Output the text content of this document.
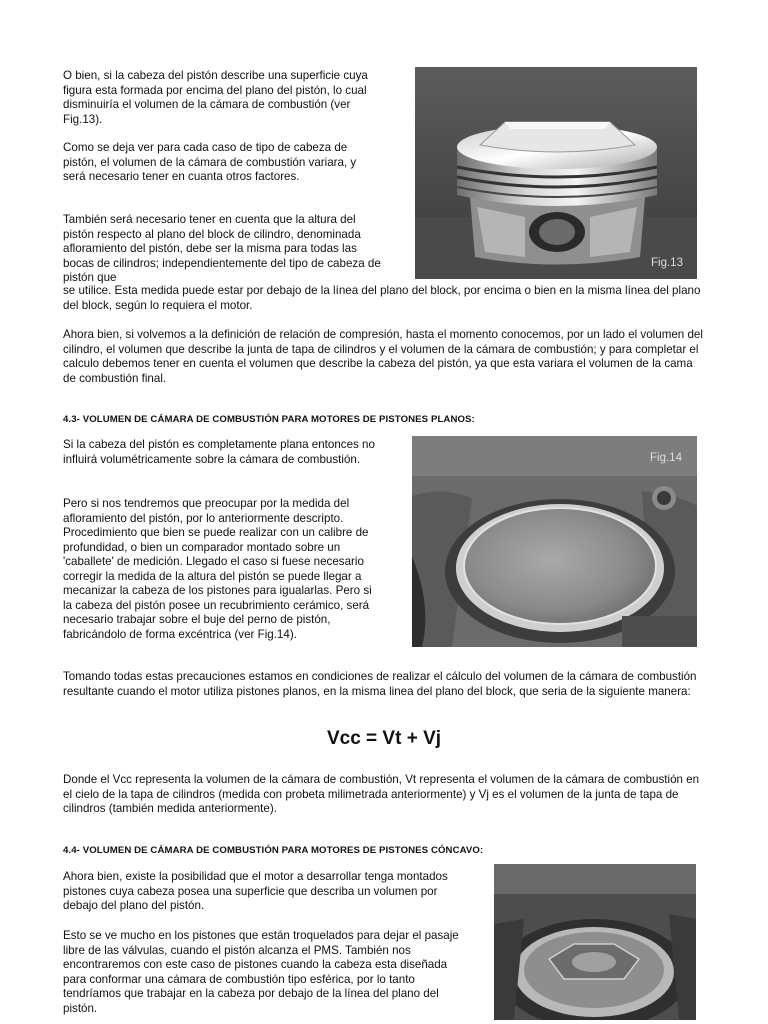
O bien, si la cabeza del pistón describe una superficie cuya figura esta formada por encima del plano del pistón, lo cual disminuiría el volumen de la cámara de combustión (ver Fig.13).

Como se deja ver para cada caso de tipo de cabeza de pistón, el volumen de la cámara de combustión variara, y será necesario tener en cuanta otros factores.

También será necesario tener en cuenta que la altura del pistón respecto al plano del block de cilindro, denominada afloramiento del pistón, debe ser la misma para todas las bocas de cilindros; independientemente del tipo de cabeza de pistón que

se utilice. Esta medida puede estar por debajo de la línea del plano del block, por encima o bien en la misma línea del plano del block, según lo requiera el motor.

Ahora bien, si volvemos a la definición de relación de compresión, hasta el momento conocemos, por un lado el volumen del cilindro, el volumen que describe la junta de tapa de cilindros y el volumen de la cámara de combustión; y para completar el calculo debemos tener en cuenta el volumen que describe la cabeza del pistón, ya que esta variara el volumen de la cama de combustión final.

Fig.13
4.3- VOLUMEN DE CÁMARA DE COMBUSTIÓN PARA MOTORES DE PISTONES PLANOS:

Si la cabeza del pistón es completamente plana entonces no influirá volumétricamente sobre la cámara de combustión.

Pero si nos tendremos que preocupar por la medida del afloramiento del pistón, por lo anteriormente descripto. Procedimiento que bien se puede realizar con un calibre de profundidad, o bien un comparador montado sobre un 'caballete' de medición. Llegado el caso si fuese necesario corregir la medida de la altura del pistón se puede llegar a mecanizar la cabeza de los pistones para igualarlas. Pero si la cabeza del pistón posee un recubrimiento cerámico, será necesario trabajar sobre el buje del perno de pistón, fabricándolo de forma excéntrica (ver Fig.14).

Fig.14

Tomando todas estas precauciones estamos en condiciones de realizar el cálculo del volumen de la cámara de combustión resultante cuando el motor utiliza pistones planos, en la misma linea del plano del block, que seria de la siguiente manera:

Vcc = Vt + Vj

Donde el Vcc representa la volumen de la cámara de combustión, Vt representa el volumen de la cámara de combustión en el cielo de la tapa de cilindros (medida con probeta milimetrada anteriormente) y Vj es el volumen de la junta de tapa de cilindros (también medida anteriormente).

4.4- VOLUMEN DE CÁMARA DE COMBUSTIÓN PARA MOTORES DE PISTONES CÓNCAVO:

Ahora bien, existe la posibilidad que el motor a desarrollar tenga montados pistones cuya cabeza posea una superficie que describa un volumen por debajo del plano del pistón.

Esto se ve mucho en los pistones que están troquelados para dejar el pasaje libre de las válvulas, cuando el pistón alcanza el PMS. También nos encontraremos con este caso de pistones cuando la cabeza esta diseñada para conformar una cámara de combustión tipo esférica, por lo tanto tendríamos que trabajar en la cabeza por debajo de la línea del plano del pistón.
